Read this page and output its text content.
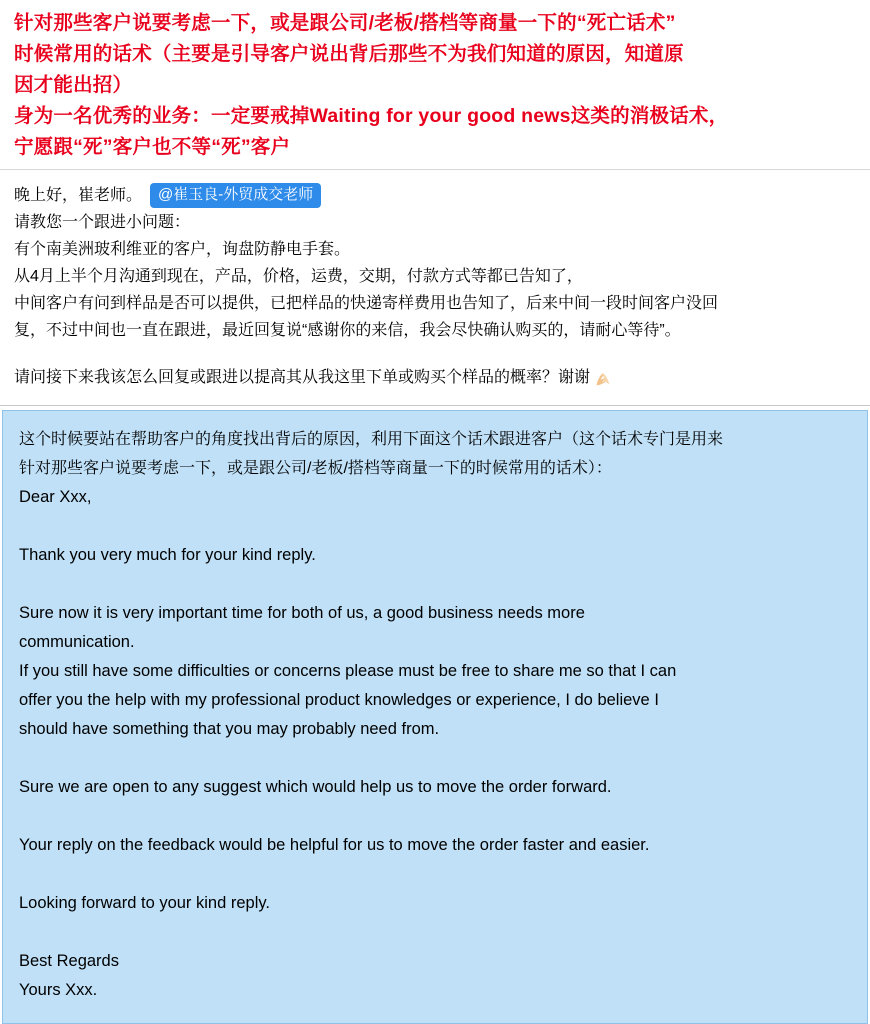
针对那些客户说要考虑一下，或是跟公司/老板/搭档等商量一下的“死亡话术”

时候常用的话术（主要是引导客户说出背后那些不为我们知道的原因，知道原

因才能出招）

身为一名优秀的业务：一定要戒掉Waiting for your good news这类的消极话术，

宁愿跟“死”客户也不等“死”客户

晚上好，崔老师。	@崔玉良-外贸成交老师

请教您一个跟进小问题：

有个南美洲玻利维亚的客户，询盘防静电手套。

从4月上半个月沟通到现在，产品，价格，运费，交期，付款方式等都已告知了，

中间客户有问到样品是否可以提供，已把样品的快递寄样费用也告知了，后来中间一段时间客户没回

复，不过中间也一直在跟进，最近回复说“感谢你的来信，我会尽快确认购买的，请耐心等待”。

请问接下来我该怎么回复或跟进以提高其从我这里下单或购买个样品的概率？谢谢

这个时候要站在帮助客户的角度找出背后的原因，利用下面这个话术跟进客户（这个话术专门是用来

针对那些客户说要考虑一下，或是跟公司/老板/搭档等商量一下的时候常用的话术）：

Dear Xxx,

Thank you very much for your kind reply.

Sure now it is very important time for both of us, a good business needs more

communication.

If you still have some difficulties or concerns please must be free to share me so that I can

offer you the help with my professional product knowledges or experience, I do believe I

should have something that you may probably need from.

Sure we are open to any suggest which would help us to move the order forward.

Your reply on the feedback would be helpful for us to move the order faster and easier.

Looking forward to your kind reply.

Best Regards

Yours Xxx.
